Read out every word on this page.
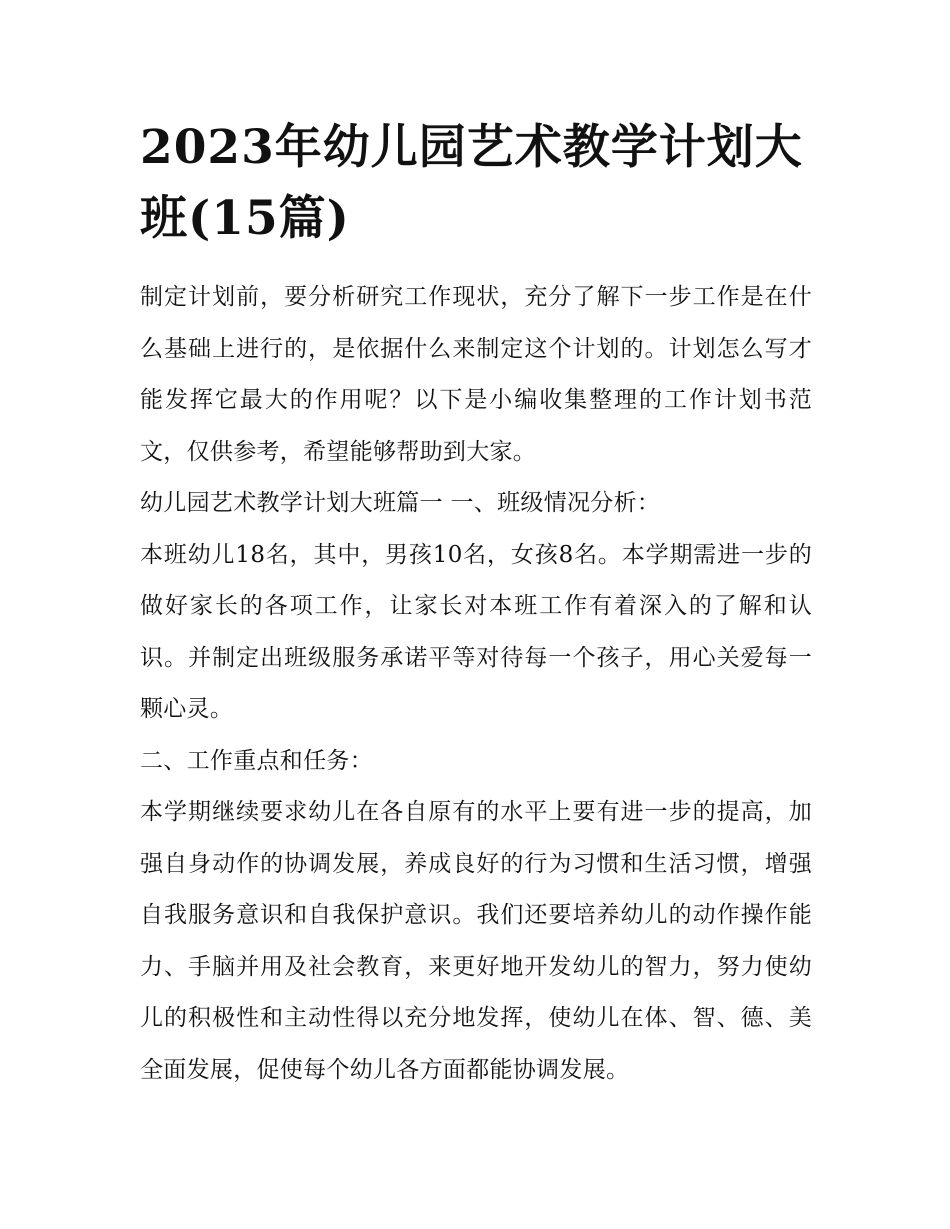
2023年幼儿园艺术教学计划大班(15篇)

制定计划前，要分析研究工作现状，充分了解下一步工作是在什么基础上进行的，是依据什么来制定这个计划的。计划怎么写才能发挥它最大的作用呢？以下是小编收集整理的工作计划书范文，仅供参考，希望能够帮助到大家。

幼儿园艺术教学计划大班篇一 一、班级情况分析：

本班幼儿18名，其中，男孩10名，女孩8名。本学期需进一步的做好家长的各项工作，让家长对本班工作有着深入的了解和认识。并制定出班级服务承诺平等对待每一个孩子，用心关爱每一颗心灵。

二、工作重点和任务：

本学期继续要求幼儿在各自原有的水平上要有进一步的提高，加强自身动作的协调发展，养成良好的行为习惯和生活习惯，增强自我服务意识和自我保护意识。我们还要培养幼儿的动作操作能力、手脑并用及社会教育，来更好地开发幼儿的智力，努力使幼儿的积极性和主动性得以充分地发挥，使幼儿在体、智、德、美全面发展，促使每个幼儿各方面都能协调发展。
